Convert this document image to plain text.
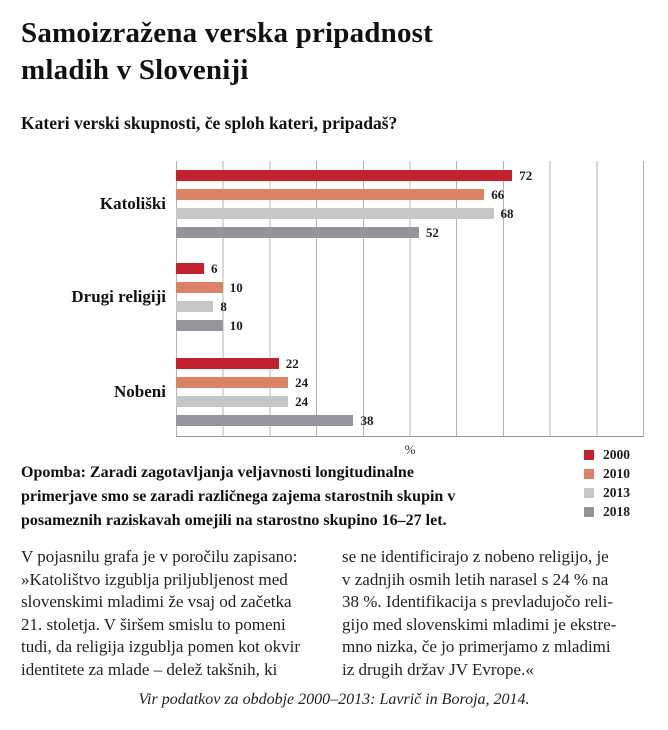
Samoizražena verska pripadnost
mladih v Sloveniji
Kateri verski skupnosti, če sploh kateri, pripadaš?
Katoliški
Drugi religiji
Nobeni
72
66
68
52
6
10
8
10
22
24
24
38
%	2000
2010
2013
2018

Opomba: Zaradi zagotavljanja veljavnosti longitudinalne primerjave smo se zaradi različnega zajema starostnih skupin v posameznih raziskavah omejili na starostno skupino 16–27 let.

V pojasnilu grafa je v poročilu zapisano:
»Katolištvo izgublja priljubljenost med
slovenskimi mladimi že vsaj od začetka
21. stoletja. V širšem smislu to pomeni
tudi, da religija izgublja pomen kot okvir
identitete za mlade – delež takšnih, ki
se ne identificirajo z nobeno religijo, je
v zadnjih osmih letih narasel s 24 % na
38 %. Identifikacija s prevladujočo reli-
gijo med slovenskimi mladimi je ekstre-
mno nizka, če jo primerjamo z mladimi
iz drugih držav JV Evrope.«

Vir podatkov za obdobje 2000–2013: Lavrič in Boroja, 2014.
